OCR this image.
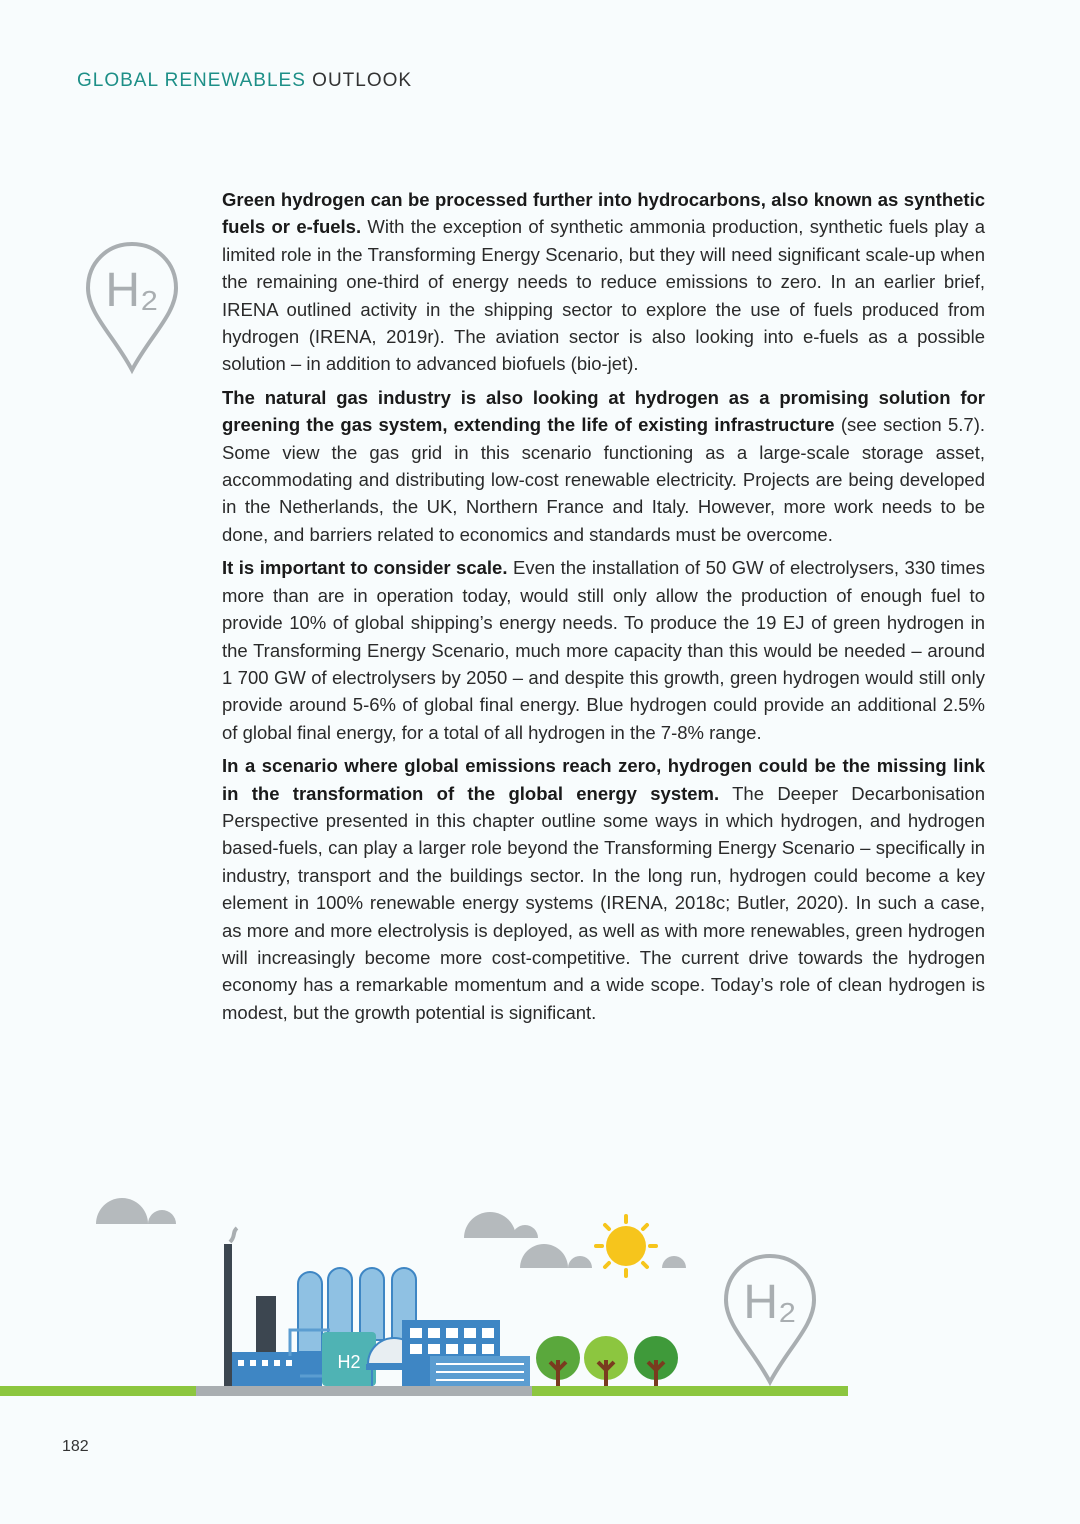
GLOBAL RENEWABLES OUTLOOK
H₂

Green hydrogen can be processed further into hydrocarbons, also known as synthetic fuels or e-fuels. With the exception of synthetic ammonia production, synthetic fuels play a limited role in the Transforming Energy Scenario, but they will need significant scale-up when the remaining one-third of energy needs to reduce emissions to zero. In an earlier brief, IRENA outlined activity in the shipping sector to explore the use of fuels produced from hydrogen (IRENA, 2019r). The aviation sector is also looking into e-fuels as a possible solution – in addition to advanced biofuels (bio-jet).

The natural gas industry is also looking at hydrogen as a promising solution for greening the gas system, extending the life of existing infrastructure (see section 5.7). Some view the gas grid in this scenario functioning as a large-scale storage asset, accommodating and distributing low-cost renewable electricity. Projects are being developed in the Netherlands, the UK, Northern France and Italy. However, more work needs to be done, and barriers related to economics and standards must be overcome.

It is important to consider scale. Even the installation of 50 GW of electrolysers, 330 times more than are in operation today, would still only allow the production of enough fuel to provide 10% of global shipping’s energy needs. To produce the 19 EJ of green hydrogen in the Transforming Energy Scenario, much more capacity than this would be needed – around 1 700 GW of electrolysers by 2050 – and despite this growth, green hydrogen would still only provide around 5-6% of global final energy. Blue hydrogen could provide an additional 2.5% of global final energy, for a total of all hydrogen in the 7-8% range.

In a scenario where global emissions reach zero, hydrogen could be the missing link in the transformation of the global energy system. The Deeper Decarbonisation Perspective presented in this chapter outline some ways in which hydrogen, and hydrogen based-fuels, can play a larger role beyond the Transforming Energy Scenario – specifically in industry, transport and the buildings sector. In the long run, hydrogen could become a key element in 100% renewable energy systems (IRENA, 2018c; Butler, 2020). In such a case, as more and more electrolysis is deployed, as well as with more renewables, green hydrogen will increasingly become more cost-competitive. The current drive towards the hydrogen economy has a remarkable momentum and a wide scope. Today’s role of clean hydrogen is modest, but the growth potential is significant.

H2
H₂
182
